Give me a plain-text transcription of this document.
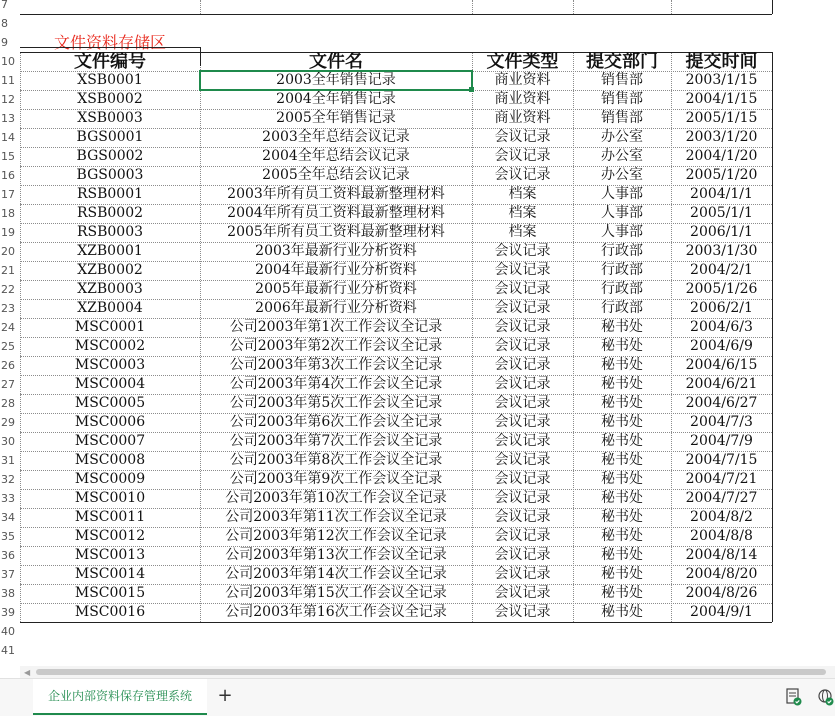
7
8
9
10
11
12
13
14
15
16
17
18
19
20
21
22
23
24
25
26
27
28
29
30
31
32
33
34
35
36
37
38
39
40
41
文件资料存储区
文件编号	文件名	文件类型	提交部门	提交时间
XSB0001	2003全年销售记录	商业资料	销售部	2003/1/15
XSB0002	2004全年销售记录	商业资料	销售部	2004/1/15
XSB0003	2005全年销售记录	商业资料	销售部	2005/1/15
BGS0001	2003全年总结会议记录	会议记录	办公室	2003/1/20
BGS0002	2004全年总结会议记录	会议记录	办公室	2004/1/20
BGS0003	2005全年总结会议记录	会议记录	办公室	2005/1/20
RSB0001	2003年所有员工资料最新整理材料	档案	人事部	2004/1/1
RSB0002	2004年所有员工资料最新整理材料	档案	人事部	2005/1/1
RSB0003	2005年所有员工资料最新整理材料	档案	人事部	2006/1/1
XZB0001	2003年最新行业分析资料	会议记录	行政部	2003/1/30
XZB0002	2004年最新行业分析资料	会议记录	行政部	2004/2/1
XZB0003	2005年最新行业分析资料	会议记录	行政部	2005/1/26
XZB0004	2006年最新行业分析资料	会议记录	行政部	2006/2/1
MSC0001	公司2003年第1次工作会议全记录	会议记录	秘书处	2004/6/3
MSC0002	公司2003年第2次工作会议全记录	会议记录	秘书处	2004/6/9
MSC0003	公司2003年第3次工作会议全记录	会议记录	秘书处	2004/6/15
MSC0004	公司2003年第4次工作会议全记录	会议记录	秘书处	2004/6/21
MSC0005	公司2003年第5次工作会议全记录	会议记录	秘书处	2004/6/27
MSC0006	公司2003年第6次工作会议全记录	会议记录	秘书处	2004/7/3
MSC0007	公司2003年第7次工作会议全记录	会议记录	秘书处	2004/7/9
MSC0008	公司2003年第8次工作会议全记录	会议记录	秘书处	2004/7/15
MSC0009	公司2003年第9次工作会议全记录	会议记录	秘书处	2004/7/21
MSC0010	公司2003年第10次工作会议全记录	会议记录	秘书处	2004/7/27
MSC0011	公司2003年第11次工作会议全记录	会议记录	秘书处	2004/8/2
MSC0012	公司2003年第12次工作会议全记录	会议记录	秘书处	2004/8/8
MSC0013	公司2003年第13次工作会议全记录	会议记录	秘书处	2004/8/14
MSC0014	公司2003年第14次工作会议全记录	会议记录	秘书处	2004/8/20
MSC0015	公司2003年第15次工作会议全记录	会议记录	秘书处	2004/8/26
MSC0016	公司2003年第16次工作会议全记录	会议记录	秘书处	2004/9/1
◀
企业内部资料保存管理系统	+
